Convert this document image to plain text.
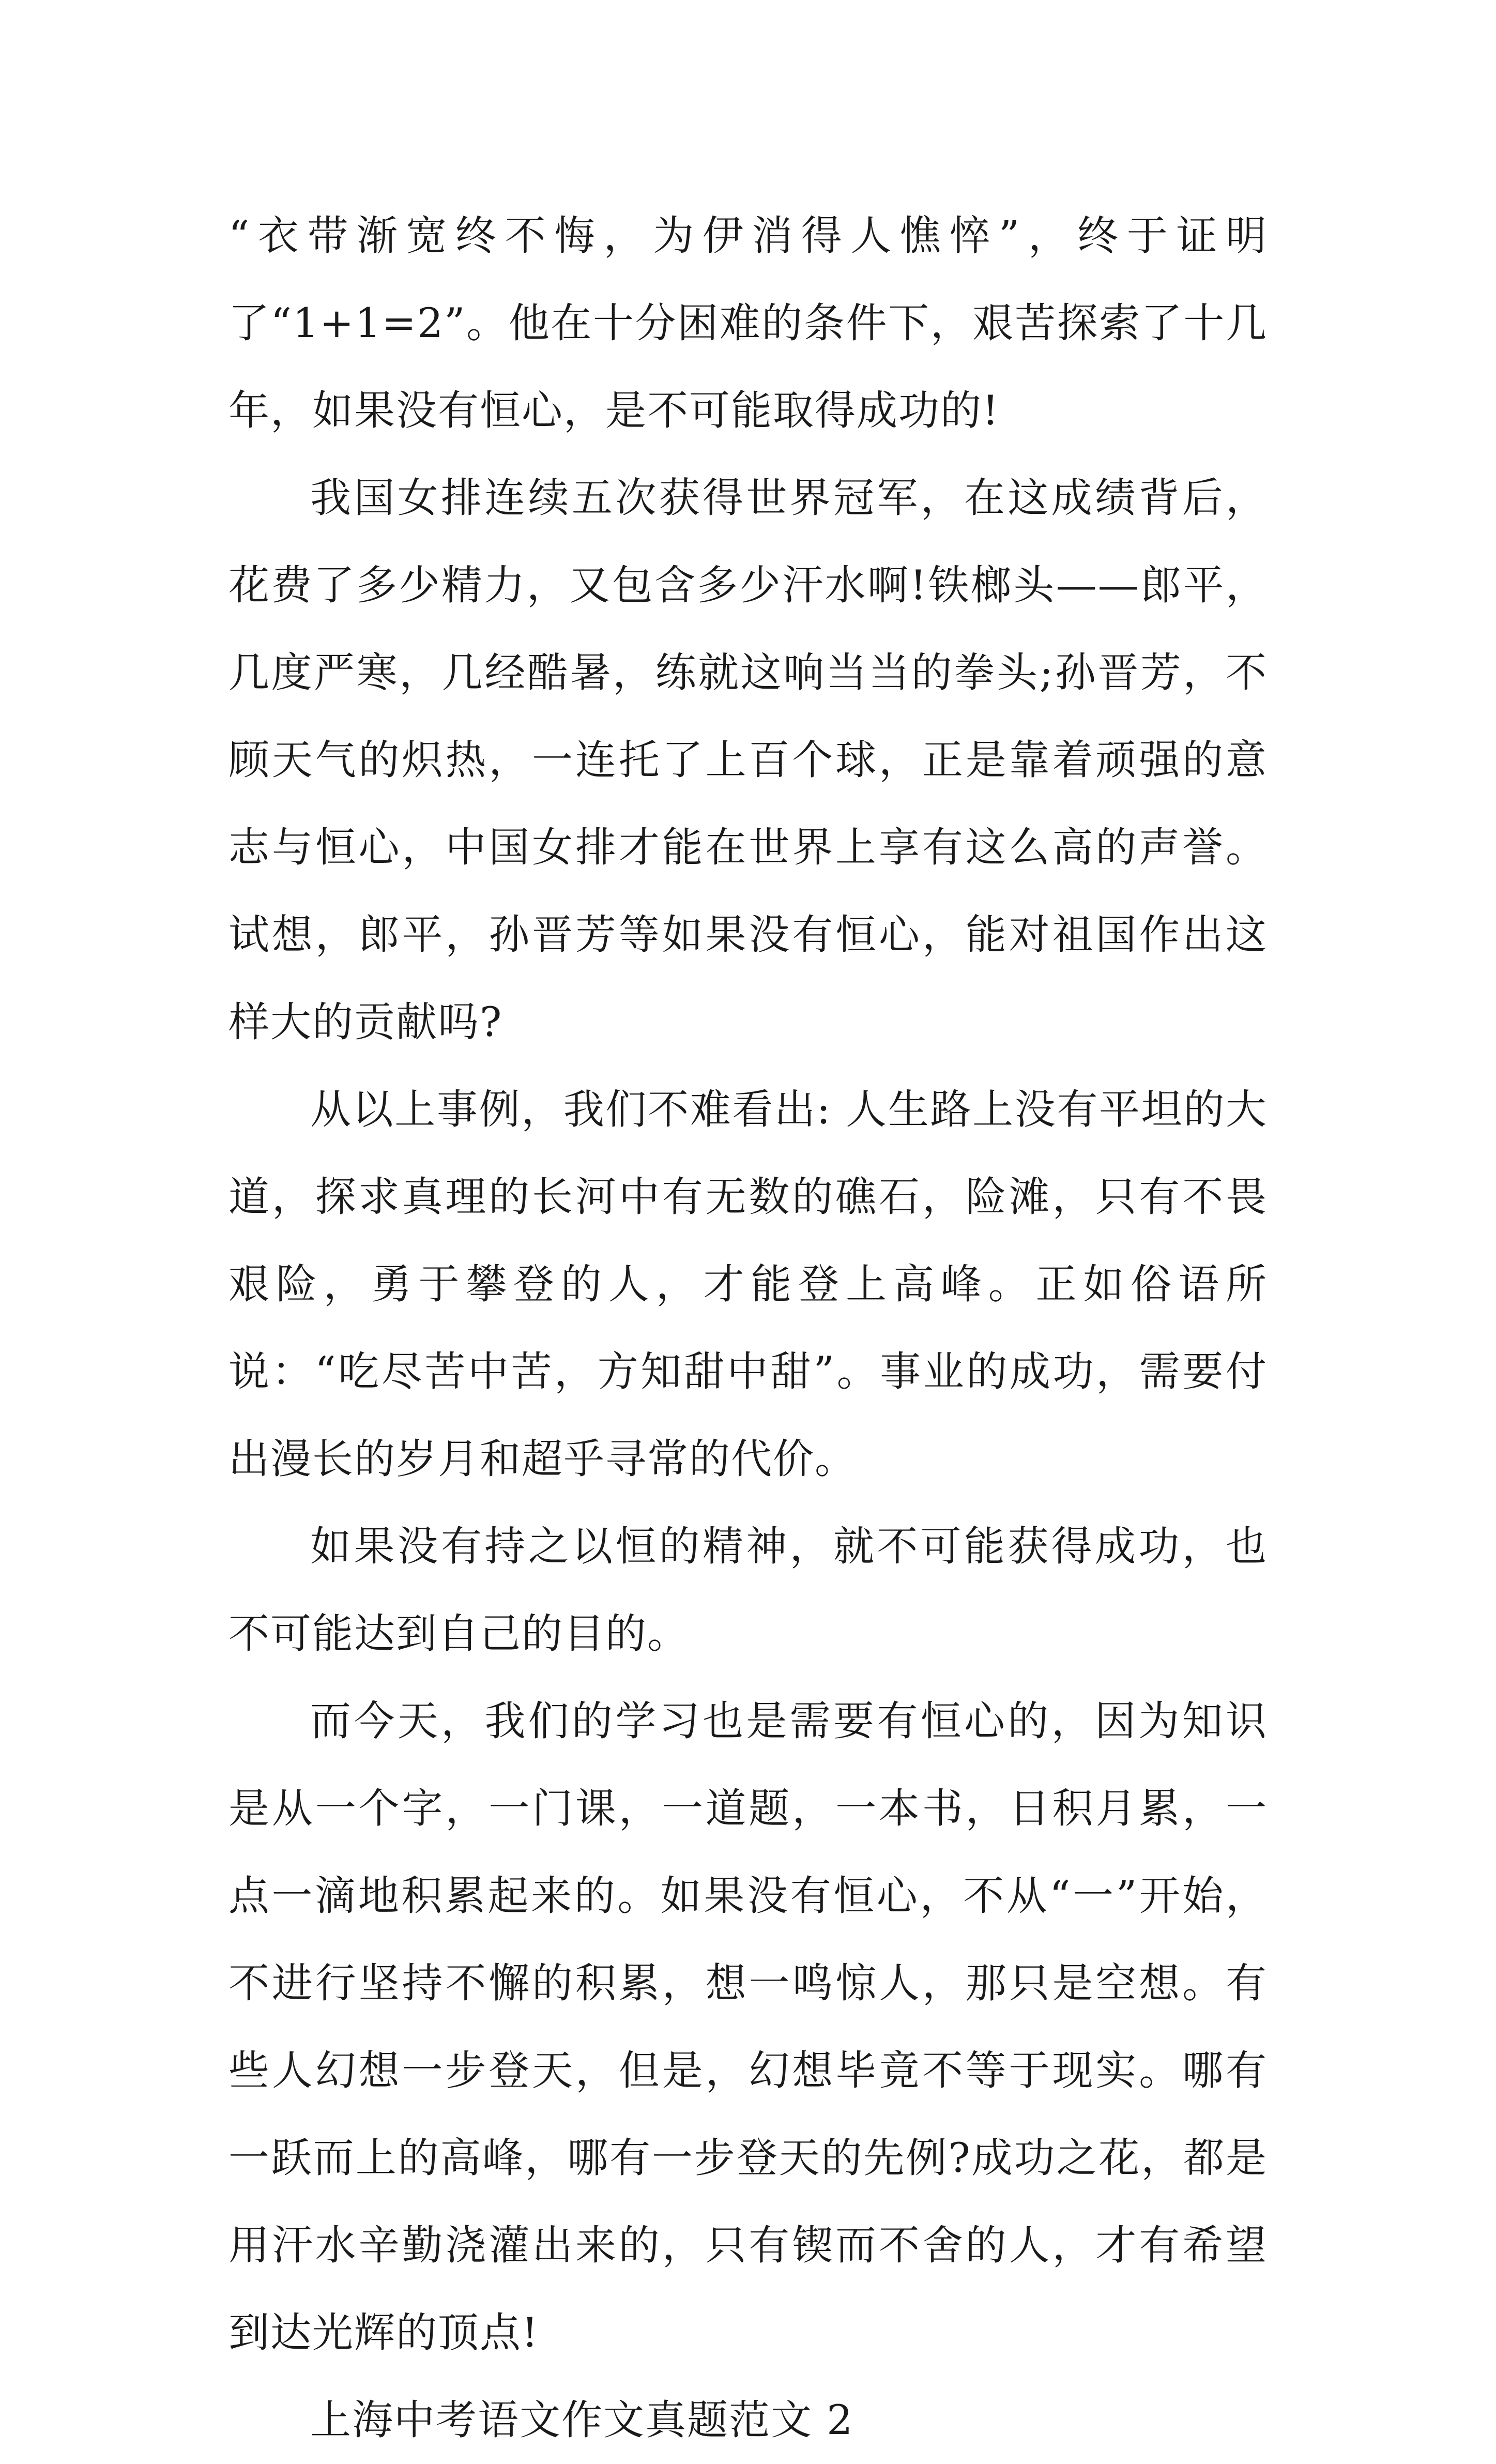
“衣带渐宽终不悔，为伊消得人憔悴”，终于证明了“1+1=2”。他在十分困难的条件下，艰苦探索了十几年，如果没有恒心，是不可能取得成功的!

我国女排连续五次获得世界冠军，在这成绩背后，花费了多少精力，又包含多少汗水啊!铁榔头——郎平，几度严寒，几经酷暑，练就这响当当的拳头;孙晋芳，不顾天气的炽热，一连托了上百个球，正是靠着顽强的意志与恒心，中国女排才能在世界上享有这么高的声誉。试想，郎平，孙晋芳等如果没有恒心，能对祖国作出这样大的贡献吗?

从以上事例，我们不难看出: 人生路上没有平坦的大道，探求真理的长河中有无数的礁石，险滩，只有不畏艰险，勇于攀登的人，才能登上高峰。正如俗语所说：“吃尽苦中苦，方知甜中甜”。事业的成功，需要付出漫长的岁月和超乎寻常的代价。

如果没有持之以恒的精神，就不可能获得成功，也不可能达到自己的目的。

而今天，我们的学习也是需要有恒心的，因为知识是从一个字，一门课，一道题，一本书，日积月累，一点一滴地积累起来的。如果没有恒心，不从“一”开始，不进行坚持不懈的积累，想一鸣惊人，那只是空想。有些人幻想一步登天，但是，幻想毕竟不等于现实。哪有一跃而上的高峰，哪有一步登天的先例?成功之花，都是用汗水辛勤浇灌出来的，只有锲而不舍的人，才有希望到达光辉的顶点!

上海中考语文作文真题范文 2
